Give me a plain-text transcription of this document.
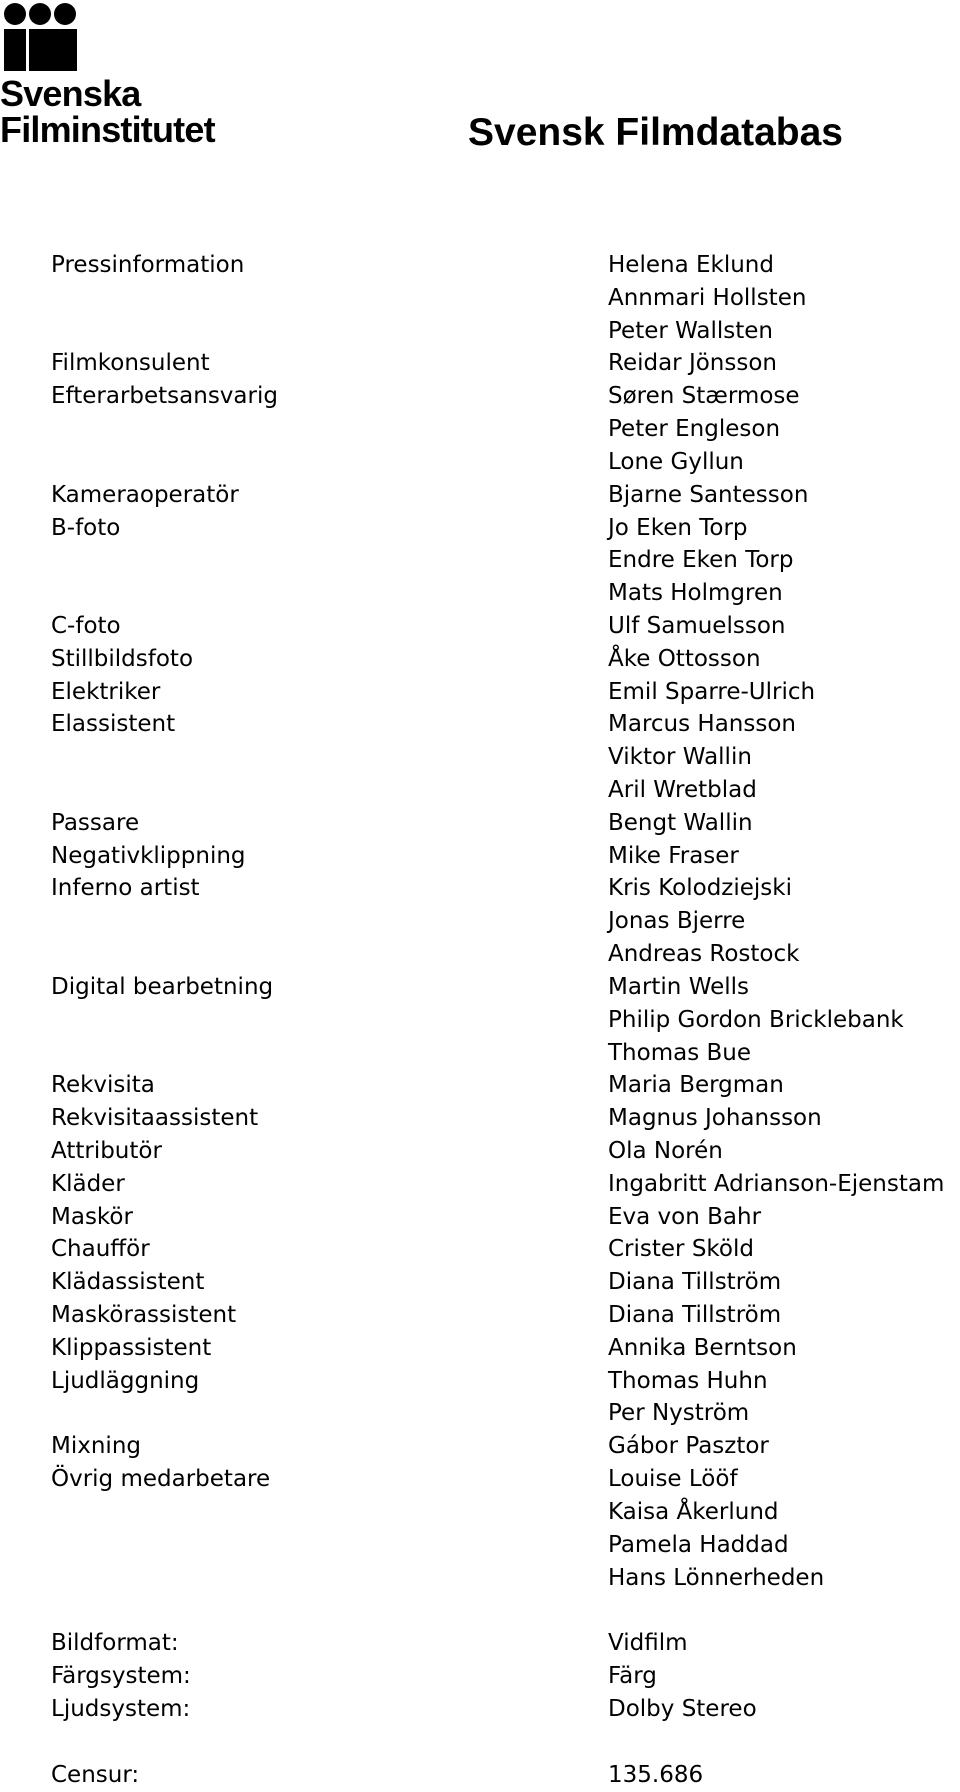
Svenska
Filminstitutet	Svensk Filmdatabas
Pressinformation	Helena Eklund
Annmari Hollsten
Peter Wallsten
Filmkonsulent	Reidar Jönsson
Efterarbetsansvarig	Søren Stærmose
Peter Engleson
Lone Gyllun
Kameraoperatör	Bjarne Santesson
B-foto	Jo Eken Torp
Endre Eken Torp
Mats Holmgren
C-foto	Ulf Samuelsson
Stillbildsfoto	Åke Ottosson
Elektriker	Emil Sparre-Ulrich
Elassistent	Marcus Hansson
Viktor Wallin
Aril Wretblad
Passare	Bengt Wallin
Negativklippning	Mike Fraser
Inferno artist	Kris Kolodziejski
Jonas Bjerre
Andreas Rostock
Digital bearbetning	Martin Wells
Philip Gordon Bricklebank
Thomas Bue
Rekvisita	Maria Bergman
Rekvisitaassistent	Magnus Johansson
Attributör	Ola Norén
Kläder	Ingabritt Adrianson-Ejenstam
Maskör	Eva von Bahr
Chaufför	Crister Sköld
Klädassistent	Diana Tillström
Maskörassistent	Diana Tillström
Klippassistent	Annika Berntson
Ljudläggning	Thomas Huhn
Per Nyström
Mixning	Gábor Pasztor
Övrig medarbetare	Louise Lööf
Kaisa Åkerlund
Pamela Haddad
Hans Lönnerheden
Bildformat:	Vidfilm
Färgsystem:	Färg
Ljudsystem:	Dolby Stereo
Censur:	135.686
